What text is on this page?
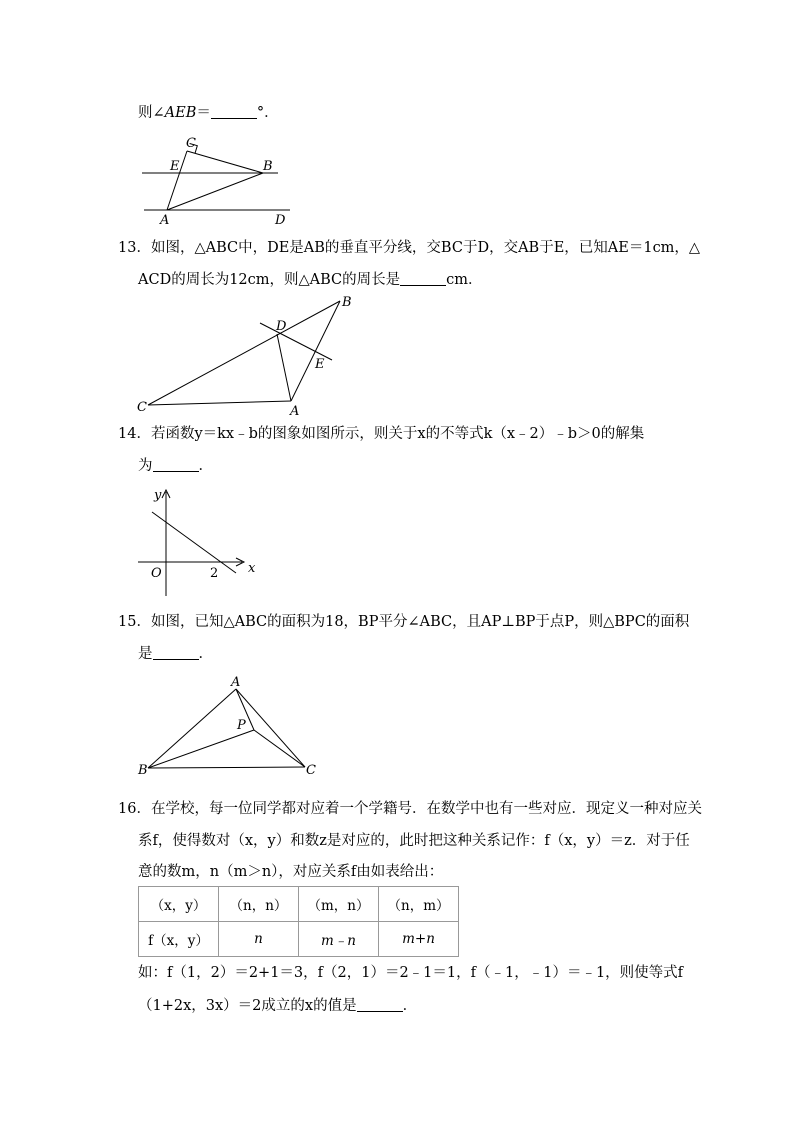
则∠AEB＝	°．
C
E	B
A	D
13．如图，△ABC中，DE是AB的垂直平分线，交BC于D，交AB于E，已知AE＝1cm，△
ACD的周长为12cm，则△ABC的周长是	cm．
B
D
E
C	A
14．若函数y＝kx﹣b的图象如图所示，则关于x的不等式k（x﹣2）﹣b＞0的解集
为	．
y
x
O	2
15．如图，已知△ABC的面积为18，BP平分∠ABC，且AP⊥BP于点P，则△BPC的面积
是	．
A
P
B	C
16．在学校，每一位同学都对应着一个学籍号．在数学中也有一些对应．现定义一种对应关
系f，使得数对（x，y）和数z是对应的，此时把这种关系记作：f（x，y）＝z．对于任
意的数m，n（m＞n），对应关系f由如表给出：
（x，y）	（n，n）	（m，n）	（n，m）
f（x，y）	n	m﹣n	m+n
如：f（1，2）＝2+1＝3，f（2，1）＝2﹣1＝1，f（﹣1，﹣1）＝﹣1，则使等式f
（1+2x，3x）＝2成立的x的值是	．
